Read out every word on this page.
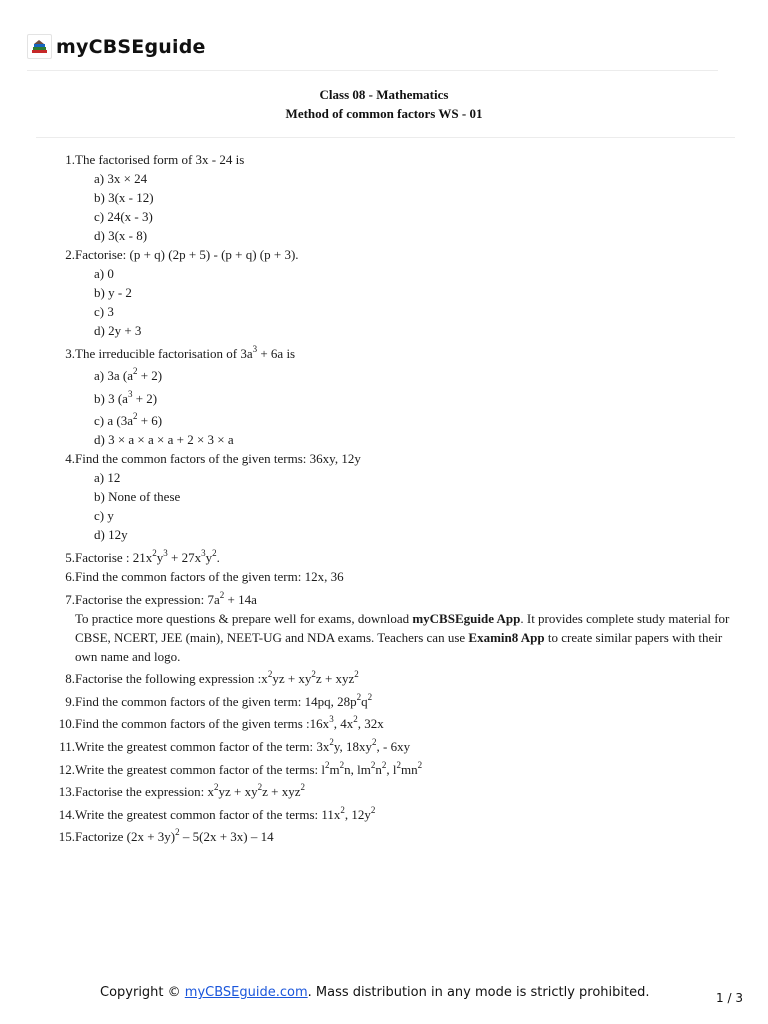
myCBSEguide
Class 08 - Mathematics
Method of common factors WS - 01
1. The factorised form of 3x - 24 is
a) 3x × 24
b) 3(x - 12)
c) 24(x - 3)
d) 3(x - 8)
2. Factorise: (p + q) (2p + 5) - (p + q) (p + 3).
a) 0
b) y - 2
c) 3
d) 2y + 3
3. The irreducible factorisation of $3a^3 + 6a$ is
a) 3a $(a^2 + 2)$
b) 3 $(a^3 + 2)$
c) a $(3a^2 + 6)$
d) 3 × a × a × a + 2 × 3 × a
4. Find the common factors of the given terms: 36xy, 12y
a) 12
b) None of these
c) y
d) 12y
5. Factorise : $21x^2y^3 + 27x^3y^2$.
6. Find the common factors of the given term: 12x, 36
7. Factorise the expression: $7a^2 + 14a$
To practice more questions & prepare well for exams, download myCBSEguide App. It provides complete study material for CBSE, NCERT, JEE (main), NEET-UG and NDA exams. Teachers can use Examin8 App to create similar papers with their own name and logo.
8. Factorise the following expression $:x^2yz + xy^2z + xyz^2$
9. Find the common factors of the given term: 14pq, $28p^2q^2$
10. Find the common factors of the given terms $:16x^3$, $4x^2$, 32x
11. Write the greatest common factor of the term: $3x^2y$, $18xy^2$, - 6xy
12. Write the greatest common factor of the terms: $l^2m^2n$, $lm^2n^2$, $l^2mn^2$
13. Factorise the expression: $x^2yz + xy^2z + xyz^2$
14. Write the greatest common factor of the terms: $11x^2$, $12y^2$
15. Factorize $(2x + 3y)^2 - 5(2x + 3x) - 14$
Copyright © myCBSEguide.com. Mass distribution in any mode is strictly prohibited.	1 / 3
